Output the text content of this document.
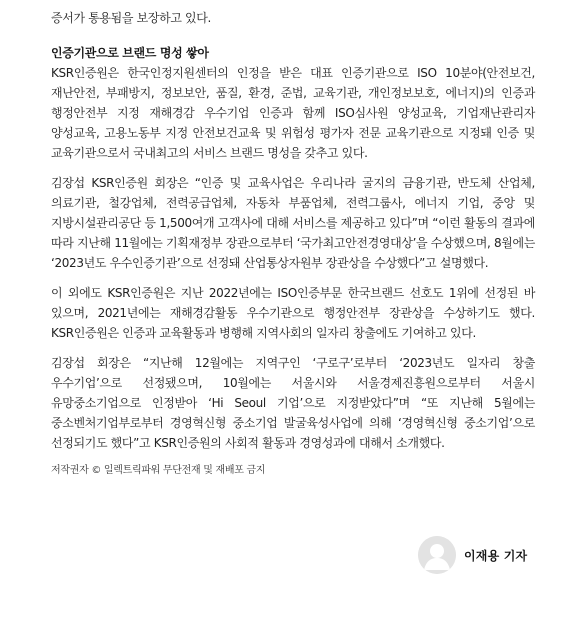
증서가 통용됨을 보장하고 있다.

인증기관으로 브랜드 명성 쌓아

KSR인증원은 한국인정지원센터의 인정을 받은 대표 인증기관으로 ISO 10분야(안전보건, 재난안전, 부패방지, 정보보안, 품질, 환경, 준법, 교육기관, 개인정보보호, 에너지)의 인증과 행정안전부 지정 재해경감 우수기업 인증과 함께 ISO심사원 양성교육, 기업재난관리자 양성교육, 고용노동부 지정 안전보건교육 및 위험성 평가자 전문 교육기관으로 지정돼 인증 및 교육기관으로서 국내최고의 서비스 브랜드 명성을 갖추고 있다.

김장섭 KSR인증원 회장은 “인증 및 교육사업은 우리나라 굴지의 금융기관, 반도체 산업체, 의료기관, 철강업체, 전력공급업체, 자동차 부품업체, 전력그룹사, 에너지 기업, 중앙 및 지방시설관리공단 등 1,500여개 고객사에 대해 서비스를 제공하고 있다”며 “이런 활동의 결과에 따라 지난해 11월에는 기획재정부 장관으로부터 ‘국가최고안전경영대상’을 수상했으며, 8월에는 ‘2023년도 우수인증기관’으로 선정돼 산업통상자원부 장관상을 수상했다”고 설명했다.

이 외에도 KSR인증원은 지난 2022년에는 ISO인증부문 한국브랜드 선호도 1위에 선정된 바 있으며, 2021년에는 재해경감활동 우수기관으로 행정안전부 장관상을 수상하기도 했다. KSR인증원은 인증과 교육활동과 병행해 지역사회의 일자리 창출에도 기여하고 있다.

김장섭 회장은 “지난해 12월에는 지역구인 ‘구로구’로부터 ‘2023년도 일자리 창출 우수기업’으로 선정됐으며, 10월에는 서울시와 서울경제진흥원으로부터 서울시 유망중소기업으로 인정받아 ‘Hi Seoul 기업’으로 지정받았다”며 “또 지난해 5월에는 중소벤처기업부로부터 경영혁신형 중소기업 발굴육성사업에 의해 ‘경영혁신형 중소기업’으로 선정되기도 했다”고 KSR인증원의 사회적 활동과 경영성과에 대해서 소개했다.

저작권자 © 일렉트릭파워 무단전재 및 재배포 금지
이재용 기자
